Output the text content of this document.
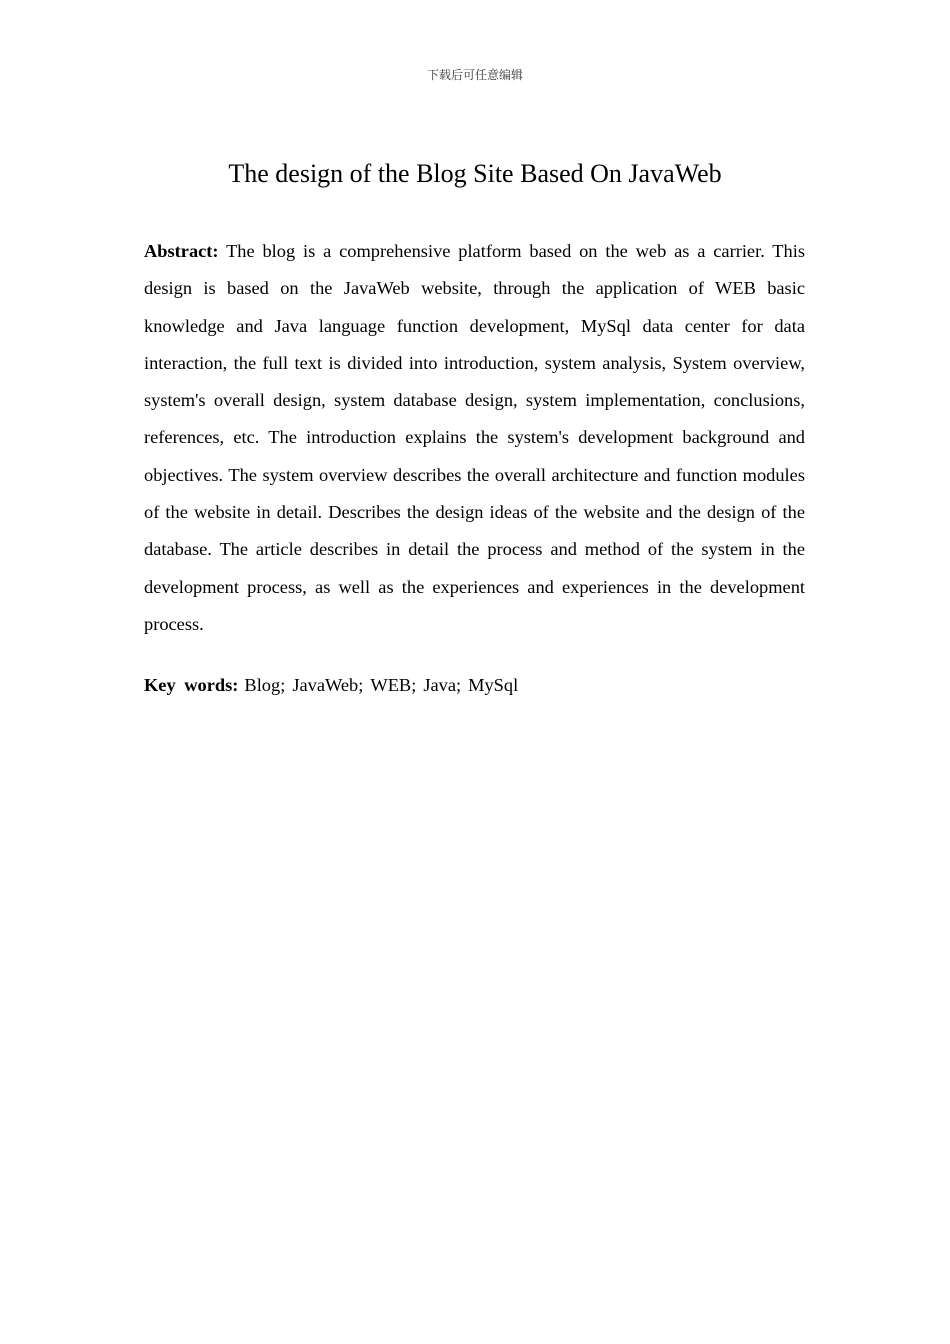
下载后可任意编辑
The design of the Blog Site Based On JavaWeb

Abstract: The blog is a comprehensive platform based on the web as a carrier. This design is based on the JavaWeb website, through the application of WEB basic knowledge and Java language function development, MySql data center for data interaction, the full text is divided into introduction, system analysis, System overview, system's overall design, system database design, system implementation, conclusions, references, etc. The introduction explains the system's development background and objectives. The system overview describes the overall architecture and function modules of the website in detail. Describes the design ideas of the website and the design of the database. The article describes in detail the process and method of the system in the development process, as well as the experiences and experiences in the development process.

Key words: Blog; JavaWeb; WEB; Java; MySql
